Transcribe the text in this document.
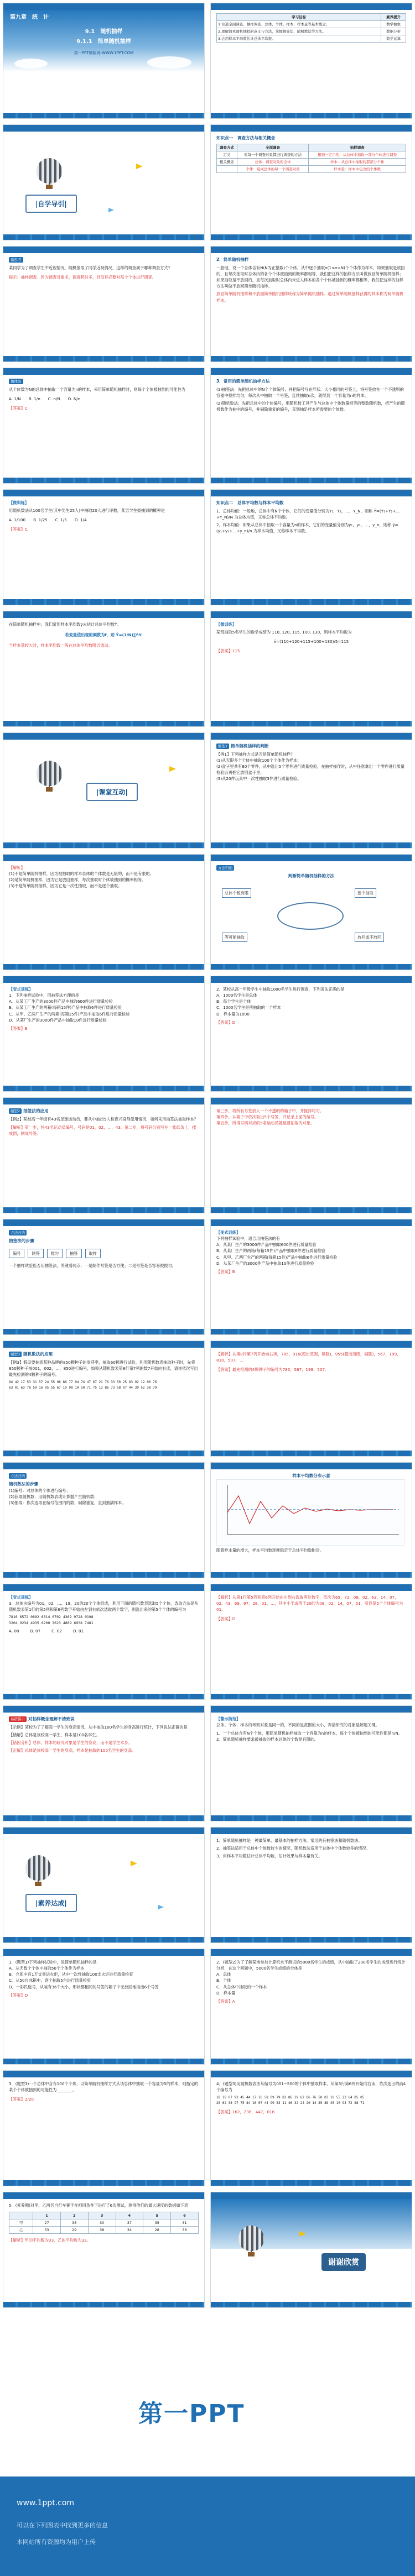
第九章　统　计
9.1　随机抽样
9.1.1　简单随机抽样
第一PPT模板网-WWW.1PPT.COM
学习目标	素养提升
1.知道全面调查、抽样调查、总体、个体、样本、样本量等基本概念。	数学抽象
2.理解简单随机抽样的意义与方法，掌握抽签法、随机数法等方法。	数据分析
3.会用样本平均数估计总体平均数。	数学运算
|自学导引|
知识点一　调查方法与相关概念
调查方式	全面调查	抽样调查
定义	对每一个调查对象都进行调查的方法	根据一定目的，从总体中抽取一部分个体进行调查
相关概念	总体：调查对象的全体	样本：从总体中抽取的那部分个体
	个体：组成总体的每一个调查对象	样本量：样本中包含的个体数
微思考
某同学为了调查学生中近视情况，随机抽取了同学近视情况，这样的调查属于哪种调查方式?
提示：抽样调查。因为调查对象多，调查耗时多，且没有必要对每个个体进行调查。
2．简单随机抽样
一般地，设一个总体含有N(N为正整数)个个体，从中逐个抽取n(1≤n<N)个个体作为样本，如果抽取是放回的，且每次抽取时总体内的各个个体被抽到的概率都相等，我们把这样的抽样方法叫做放回简单随机抽样；如果抽取是不放回的，且每次抽取时总体内未进入样本的各个个体被抽到的概率都相等，我们把这样的抽样方法叫做不放回简单随机抽样。
放回简单随机抽样和不放回简单随机抽样统称为简单随机抽样。通过简单随机抽样获得的样本称为简单随机样本。
微体验
从个体数为N的总体中抽取一个容量为n的样本，采用简单随机抽样时，则每个个体被抽到的可能性为
A. 1/N B. 1/n C. n/N D. N/n
【答案】C
3．常用的简单随机抽样方法
(1)抽签法：先把总体中的N个个体编号，并把编号写在形状、大小相同的号签上，将号签放在一个不透明的容器中搅拌均匀，每次从中抽取一个号签，连续抽取n次，就得到一个容量为n的样本。
(2)随机数法：先把总体中的个体编号，用随机数工具产生与总体中个体数量相等的整数随机数，把产生的随机数作为抽中的编号，并剔除重复的编号，直到抽足样本所需要的个体数。
【微训练】
用随机数法从100名学生(其中男生25人)中抽取20人进行评教，某男学生被抽到的概率是
A. 1/100 B. 1/25 C. 1/5 D. 1/4
【答案】C
知识点二　总体平均数与样本平均数
1．总体均值：一般地，总体中有N个个体，它们的变量值分别为Y₁，Y₂，…，Y_N，则称 Ȳ=(Y₁+Y₂+…+Y_N)/N 为总体均值，又称总体平均数。
2．样本均值：如果从总体中抽取一个容量为n的样本，它们的变量值分别为y₁，y₂，…，y_n，则称 ȳ=(y₁+y₂+…+y_n)/n 为样本均值，又称样本平均数。
在简单随机抽样中，我们常用样本平均数ȳ去估计总体平均数Ȳ。
若变量值出现的频数为f，则 Ȳ=(1/N)∑fᵢYᵢ
当样本量较大时，样本平均数一般在总体平均数附近波动。
【微训练】
某班抽取5名学生的数学成绩为 110, 120, 115, 100, 130，则样本平均数为
x̄=(110+120+115+100+130)/5=115
【答案】115
|课堂互动|
题型1 简单随机抽样的判断
【例1】下列抽样方式是否是简单随机抽样？
(1)从无限多个个体中抽取100个个体作为样本；
(2)盒子里共有80个零件，从中选出5个零件进行质量检验，在抽样操作时，从中任意拿出一个零件进行质量检验后再把它放回盒子里；
(3)从20件玩具中一次性抽取3件进行质量检验。
【解析】
(1)不是简单随机抽样，因为被抽取的样本总体的个体数是无限的，而不是有限的。
(2)是简单随机抽样，因为它是放回抽样，每次抽取时个体被抽到的概率相等。
(3)不是简单随机抽样，因为它是一次性抽取，而不是逐个抽取。
方法归纳
判断简单随机抽样的方法
总体个数有限	逐个抽取
等可能抽取	放回或不放回
【变式训练】
1．下列抽样试验中，用抽签法方便的是
A．从某工厂生产的3000件产品中抽取600件进行质量检验
B．从某工厂生产的两箱(每箱15件)产品中抽取6件进行质量检验
C．从甲、乙两厂生产的两箱(每箱15件)产品中抽取6件进行质量检验
D．从某厂生产的3000件产品中抽取10件进行质量检验
【答案】B
2．某校从高一年级学生中抽取1000名学生进行调查，下列说法正确的是
A．1000名学生是总体
B．每个学生是个体
C．1000名学生是所抽取的一个样本
D．样本量为1000
【答案】D
题型2 抽签法的应用
【例2】某校高一年级有43名足球运动员，要从中抽出5人检查兴奋剂使用情况，如何采用抽签法抽取样本？
【解析】第一步，将43名运动员编号，号码是01，02，…，43。第二步，将号码分别写在一张纸条上，揉成团，制成号签。
第三步，将所有号签放入一个不透明的箱子中，并搅拌均匀。
第四步，从箱子中依次取出5个号签，并记录上面的编号。
第五步，所得号码对应的5名运动员就是要抽取的对象。
方法归纳
抽签法的步骤
编号	制签	搅匀	抽签	取样
一个抽样试验能否用抽签法，关键看两点：一是制作号签是否方便；二是号签是否容易被搅匀。
【变式训练】
下列抽样试验中，适合用抽签法的有
A．从某厂生产的3000件产品中抽取600件进行质量检验
B．从某厂生产的两箱(每箱15件)产品中抽取6件进行质量检验
C．从甲、乙两厂生产的两箱(每箱15件)产品中抽取6件进行质量检验
D．从某厂生产的3000件产品中抽取10件进行质量检验
【答案】B
题型3 随机数法的应用
【例3】假设要抽查某种品牌的850颗种子的发芽率，抽取60颗进行试验，利用随机数表抽取种子时，先将850颗种子按001，002，…，850进行编号，如果从随机数表第8行第7列的数7开始向右读，请你依次写出最先检测的4颗种子的编号。
84 42 17 53 31 57 24 55 06 88 77 04 74 47 67 21 76 33 50 25 83 92 12 06 76
63 01 63 78 59 16 95 55 67 19 98 10 50 71 75 12 86 73 58 07 44 39 52 38 79
【解析】从第8行第7列开始向右读，785，916(超出范围，剔除)，955(超出范围，剔除)，567，199，810，507，…
【答案】最先检测的4颗种子的编号为785，567，199，507。
方法归纳
随机数法的步骤
(1)编号：对总体的个体进行编号；
(2)获取随机数：用随机数表或计算器产生随机数；
(3)抽取：依次选取在编号范围内的数，剔除重复，直到抽满样本。
样本平均数分布示意
随着样本量的增大，样本平均数逐渐稳定于总体平均数附近。
【变式训练】
3．总体由编号为01，02，…，19，20的20个个体组成，利用下面的随机数表选取5个个体，选取方法是从随机数表第1行的第5列和第6列数字开始由左到右依次选取两个数字，则选出来的第5个个体的编号为
7816 6572 0802 6314 0702 4369 9728 0198
3204 9234 4935 8200 3623 4869 6938 7481
A. 08	B. 07	C. 02	D. 01
【解析】从第1行第5列和第6列开始由左到右选取两位数字，依次为65，72，08，02，63，14，07，02，43，69，97，28，01，…，其中小于或等于20的为08，02，14，07，01，所以第5个个体编号为01。
【答案】D
易错警示 对抽样概念理解不清致误
【示例】某校为了了解高一学生的身高情况，从中抽取100名学生的身高进行统计，下列说法正确的是
【错解】总体是该校高一学生，样本是100名学生。
【错因分析】总体、样本的研究对象是学生的身高，而不是学生本身。
【正解】总体是该校高一学生的身高，样本是抽取的100名学生的身高。
【警示防范】
总体、个体、样本的考察对象是同一的，不同的是范围的大小，弄清研究的对象是解题关键。
1．一个总体含有N个个体，用简单随机抽样抽取一个容量为n的样本，每个个体被抽到的可能性都是n/N。
2．简单随机抽样要求被抽取的样本总体的个数是有限的。
|素养达成|
1．简单随机抽样是一种最简单、最基本的抽样方法，常用的有抽签法和随机数法。
2．抽签法适用于总体中个体数较少的情况，随机数法适用于总体中个体数较多的情况。
3．用样本平均数估计总体平均数，估计效果与样本量有关。
1．(题型1)下列抽样试验中，是简单随机抽样的是
A．从无数个个体中抽取50个个体作为样本
B．仓库中有1万支奥运火炬，从中一次性抽取100支火炬进行质量检查
C．从50台冰箱中，逐个抽取5台进行质量检验
D．一彩民选号，从装有36个大小、形状都相同的号签的箱子中无放回地抽出6个号签
【答案】D
2．(题型2)为了了解某地参加计算机水平测试的5000名学生的成绩，从中抽取了200名学生的成绩进行统计分析，在这个问题中，5000名学生成绩的全体是
A．总体
B．个体
C．从总体中抽取的一个样本
D．样本量
【答案】A
3．(题型3)一个总体中含有100个个体，以简单随机抽样方式从该总体中抽取一个容量为5的样本，则指定的某个个体被抽到的可能性为________。
【答案】1/20
4．(题型3)用随机数表法从编号为001~500的个体中抽取样本，从第5行第6列开始向右读，依次选出的前4个编号为
18 18 07 92 45 44 17 16 58 09 79 83 86 19 62 06 76 50 03 10 55 23 64 05 05
26 62 38 97 75 84 16 07 44 99 83 11 46 32 24 20 14 85 88 45 10 93 72 88 71
【答案】162，238，447，016
5．(素养题)对甲、乙两名自行车赛手在相同条件下进行了6次测试，测得他们的最大速度的数据如下表：
	1	2	3	4	5	6
甲	27	38	30	37	35	31
乙	33	29	38	34	28	36
【解析】甲的平均数为33，乙的平均数为33。
谢谢欣赏
第一PPT
www.1ppt.com
可以在下列图表中找到更多的信息
本网站所有资源均为用户上传
